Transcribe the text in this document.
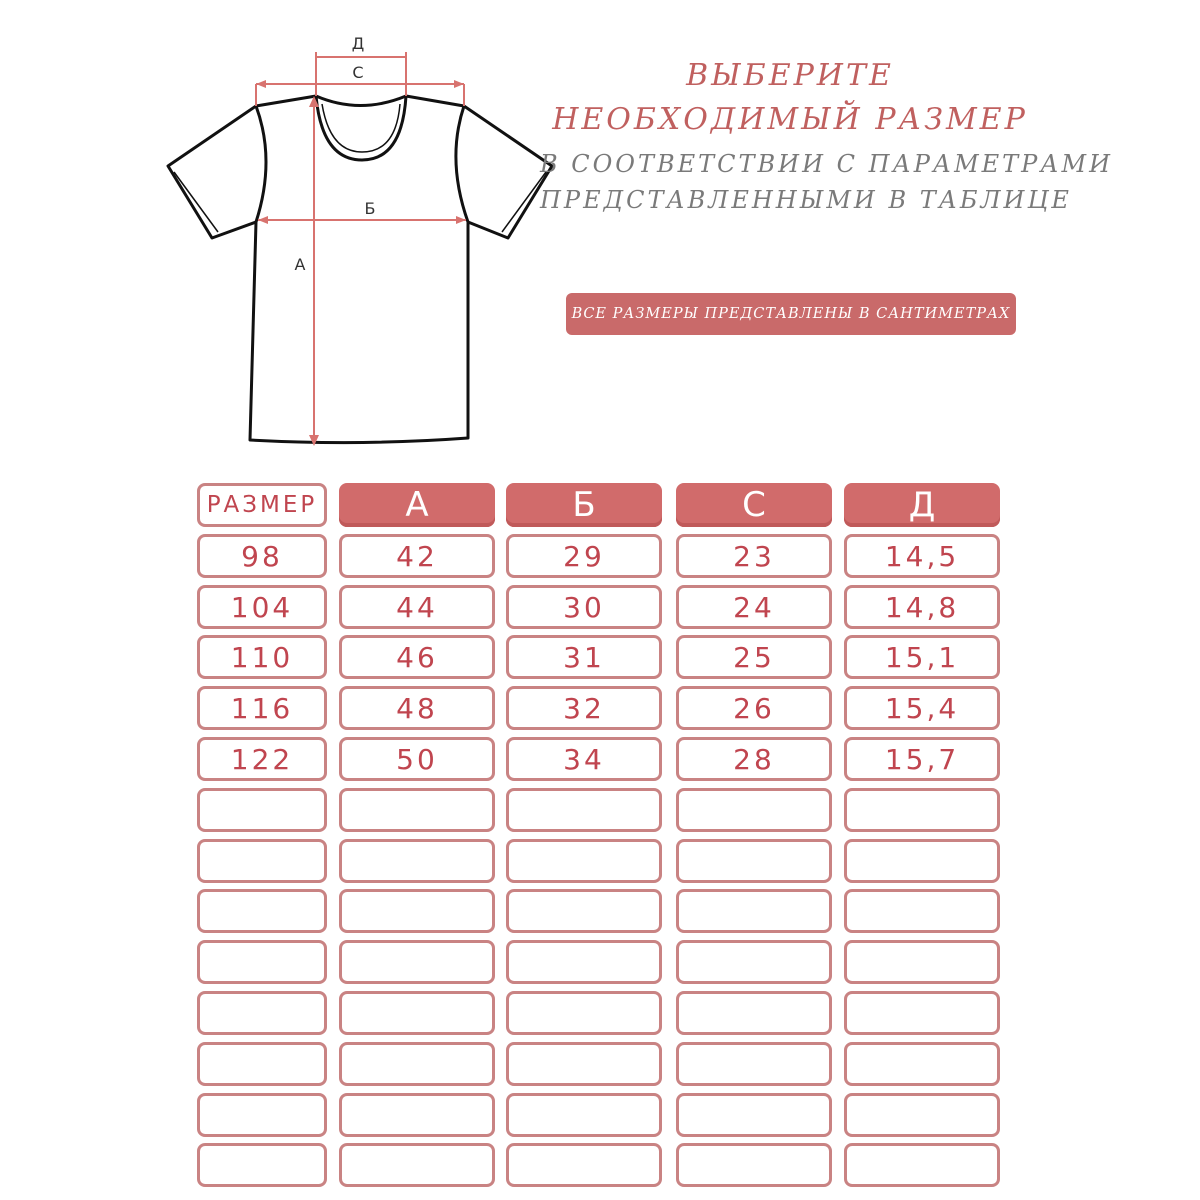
Д
С
Б
А
ВЫБЕРИТЕ
НЕОБХОДИМЫЙ РАЗМЕР
В СООТВЕТСТВИИ С ПАРАМЕТРАМИ
ПРЕДСТАВЛЕННЫМИ В ТАБЛИЦЕ
ВСЕ РАЗМЕРЫ ПРЕДСТАВЛЕНЫ В САНТИМЕТРАХ
РАЗМЕР	А	Б	С	Д
98	42	29	23	14,5
104	44	30	24	14,8
110	46	31	25	15,1
116	48	32	26	15,4
122	50	34	28	15,7
